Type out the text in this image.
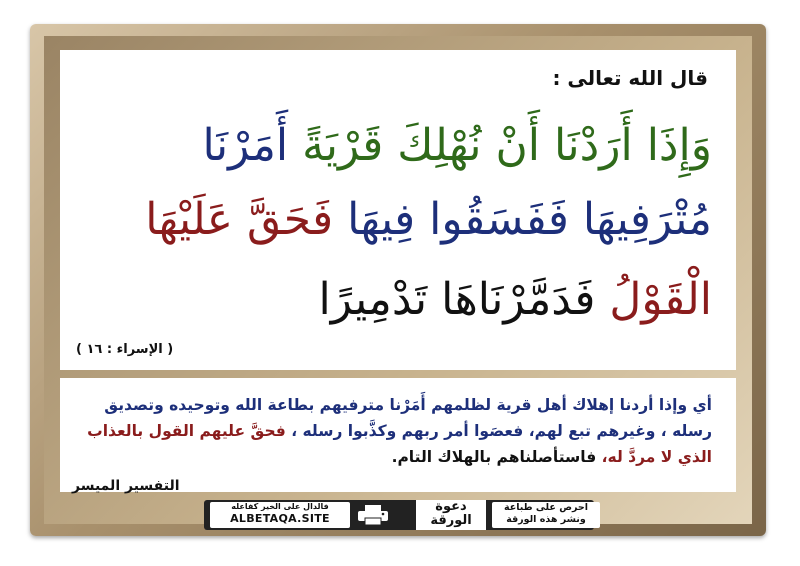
قال الله تعالى :
وَإِذَا أَرَدْنَا أَنْ نُهْلِكَ قَرْيَةً أَمَرْنَا
مُتْرَفِيهَا فَفَسَقُوا فِيهَا فَحَقَّ عَلَيْهَا
الْقَوْلُ فَدَمَّرْنَاهَا تَدْمِيرًا
( الإسراء : ١٦ )
أي وإذا أردنا إهلاك أهل قرية لظلمهم أَمَرْنا مترفيهم بطاعة الله وتوحيده وتصديق
رسله ، وغيرهم تبع لهم، فعصَوا أمر ربهم وكذَّبوا رسله ، فحقَّ عليهم القول بالعذاب
الذي لا مردَّ له، فاستأصلناهم بالهلاك التام.
التفسير الميسر
احرص على طباعة
ونشر هذه الورقة
دعوة
الورقة
فالدال على الخير كفاعله
ALBETAQA.SITE
